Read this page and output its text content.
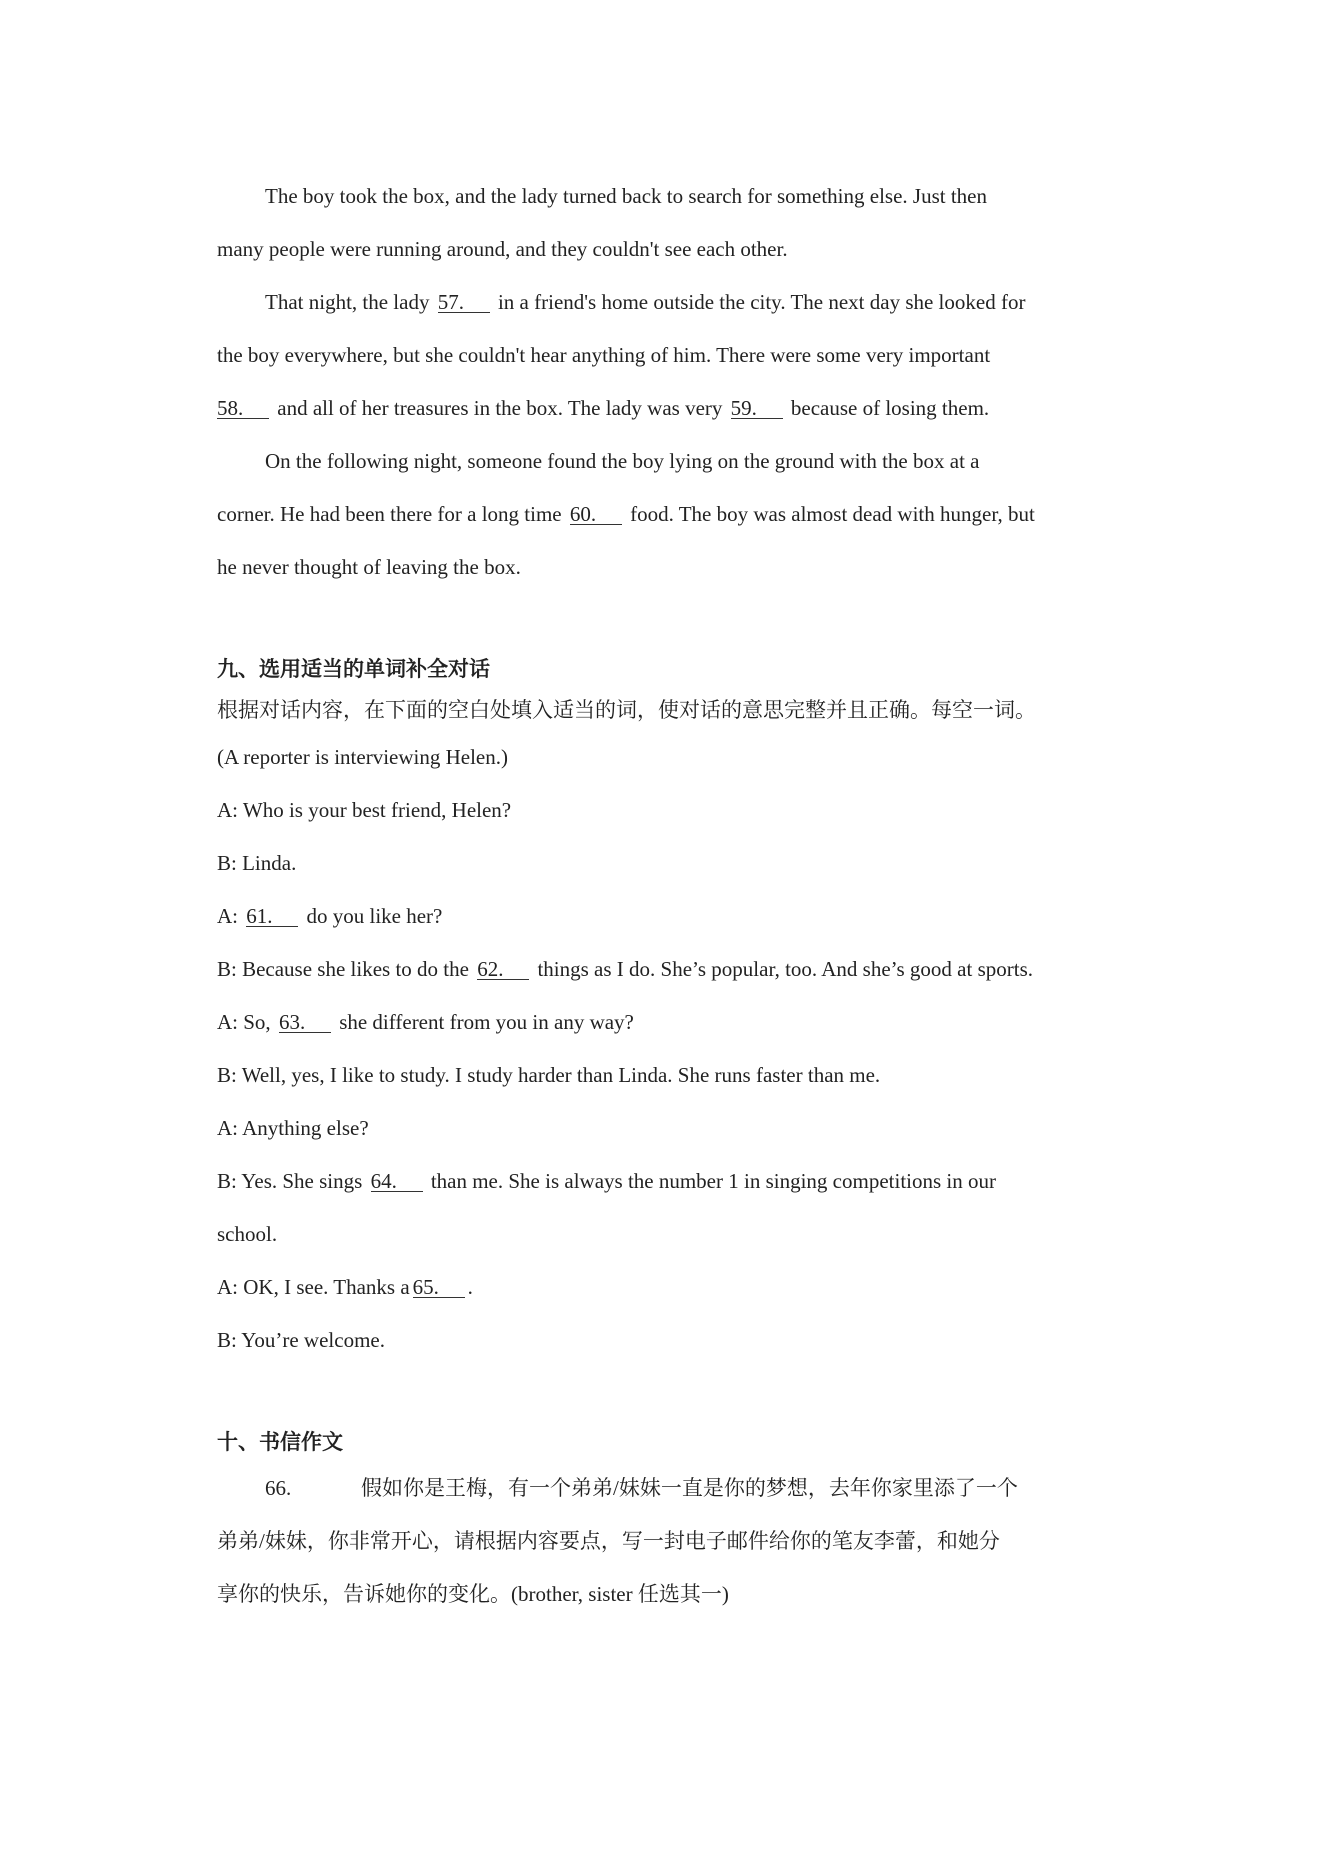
The boy took the box, and the lady turned back to search for something else. Just then
many people were running around, and they couldn't see each other.
That night, the lady 57. in a friend's home outside the city. The next day she looked for
the boy everywhere, but she couldn't hear anything of him. There were some very important
58. and all of her treasures in the box. The lady was very 59. because of losing them.
On the following night, someone found the boy lying on the ground with the box at a
corner. He had been there for a long time 60. food. The boy was almost dead with hunger, but
he never thought of leaving the box.
九、选用适当的单词补全对话
根据对话内容，在下面的空白处填入适当的词，使对话的意思完整并且正确。每空一词。
(A reporter is interviewing Helen.)
A: Who is your best friend, Helen?
B: Linda.
A: 61. do you like her?
B: Because she likes to do the 62. things as I do. She’s popular, too. And she’s good at sports.
A: So, 63. she different from you in any way?
B: Well, yes, I like to study. I study harder than Linda. She runs faster than me.
A: Anything else?
B: Yes. She sings 64. than me. She is always the number 1 in singing competitions in our
school.
A: OK, I see. Thanks a 65. .
B: You’re welcome.
十、书信作文
66.	假如你是王梅，有一个弟弟/妹妹一直是你的梦想，去年你家里添了一个
弟弟/妹妹，你非常开心，请根据内容要点，写一封电子邮件给你的笔友李蕾，和她分
享你的快乐，告诉她你的变化。(brother, sister 任选其一)
